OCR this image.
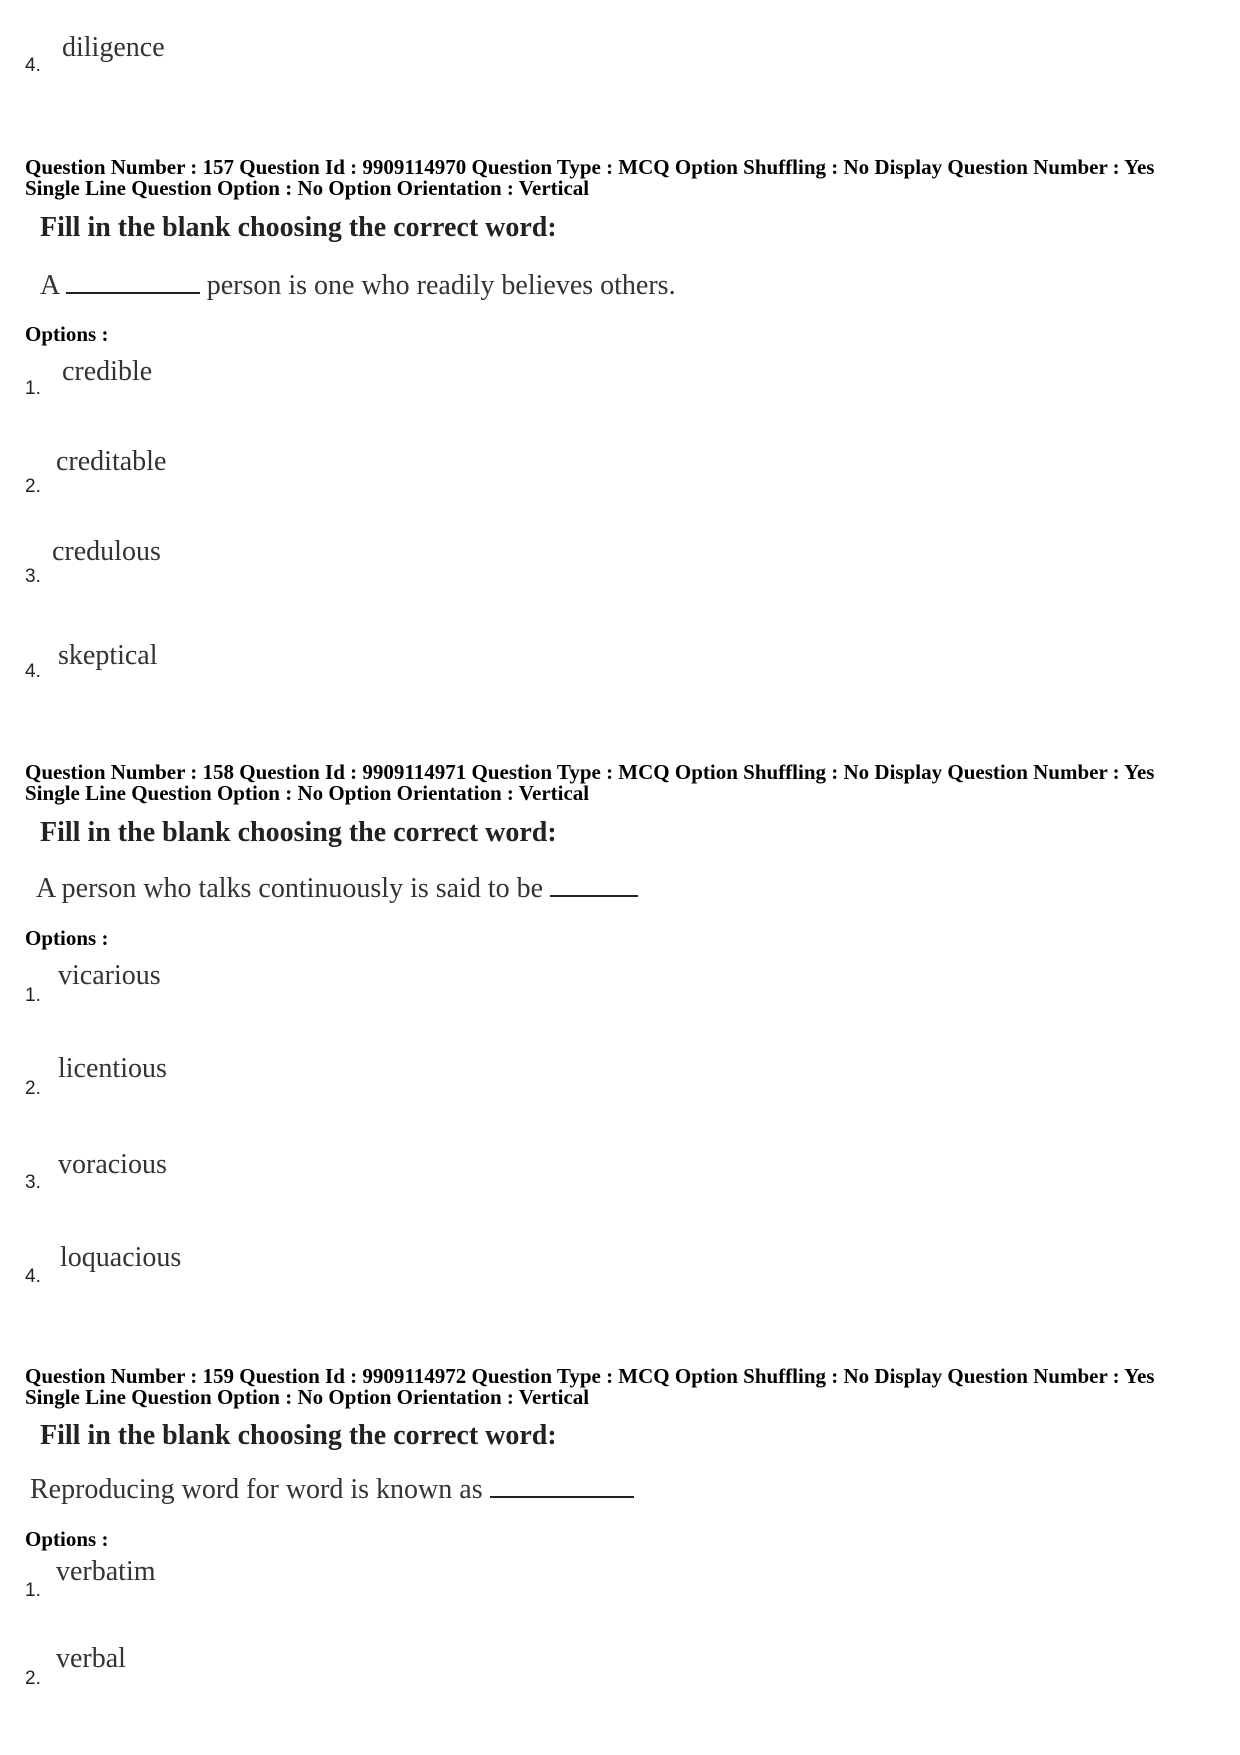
4.
diligence

Question Number : 157 Question Id : 9909114970 Question Type : MCQ Option Shuffling : No Display Question Number : Yes

Single Line Question Option : No Option Orientation : Vertical

Fill in the blank choosing the correct word:

A	person is one who readily believes others.

Options :

1.
credible
2.
creditable
3.
credulous
4.
skeptical

Question Number : 158 Question Id : 9909114971 Question Type : MCQ Option Shuffling : No Display Question Number : Yes

Single Line Question Option : No Option Orientation : Vertical

Fill in the blank choosing the correct word:

A person who talks continuously is said to be

Options :

1.
vicarious
2.
licentious
3.
voracious
4.
loquacious

Question Number : 159 Question Id : 9909114972 Question Type : MCQ Option Shuffling : No Display Question Number : Yes

Single Line Question Option : No Option Orientation : Vertical

Fill in the blank choosing the correct word:

Reproducing word for word is known as

Options :

1.
verbatim
2.
verbal
